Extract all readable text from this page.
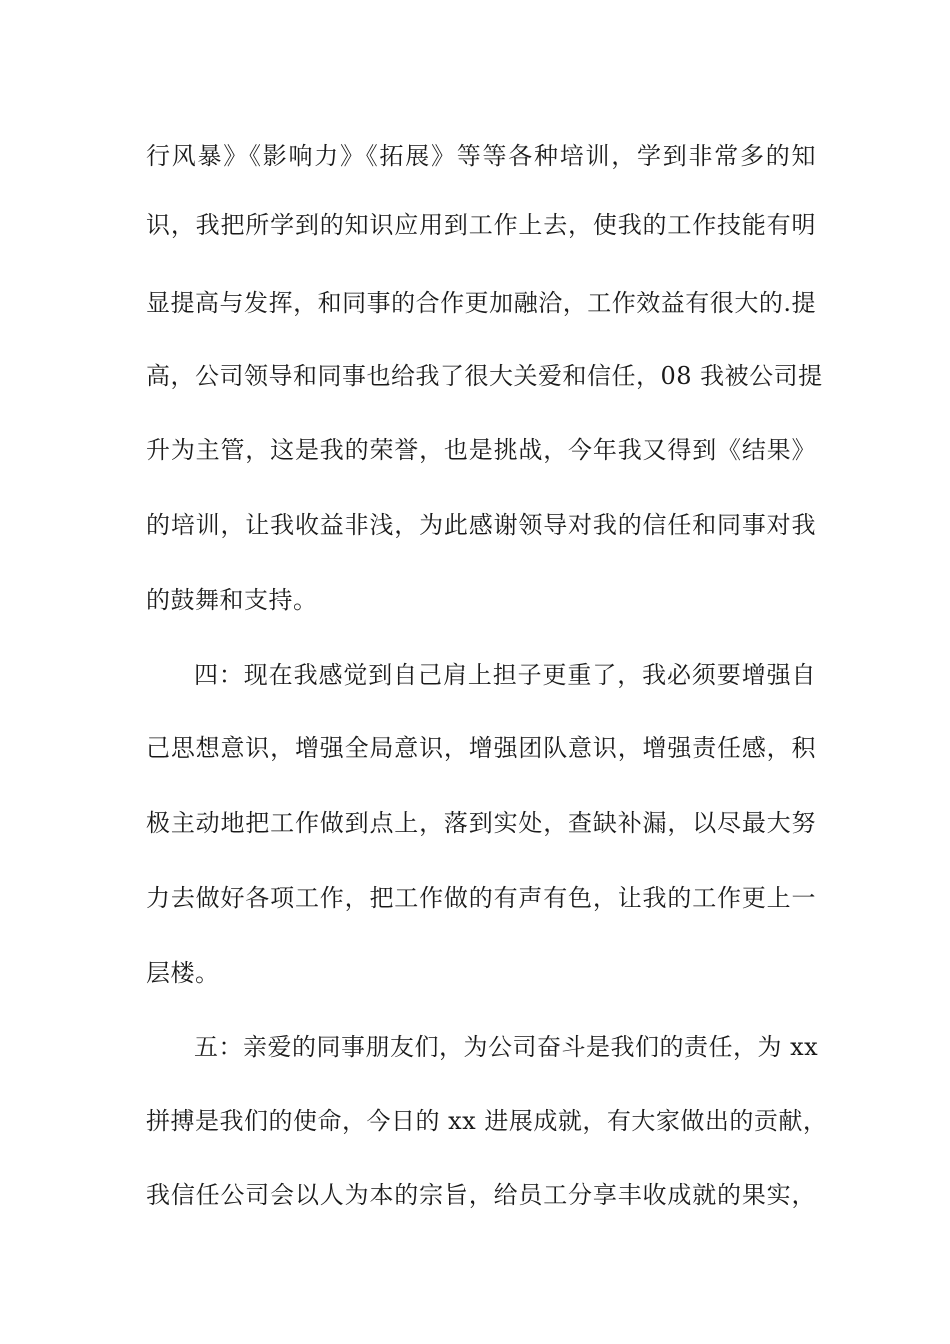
行风暴》《影响力》《拓展》等等各种培训，学到非常多的知
识，我把所学到的知识应用到工作上去，使我的工作技能有明
显提高与发挥，和同事的合作更加融洽，工作效益有很大的.提
高，公司领导和同事也给我了很大关爱和信任，08 我被公司提
升为主管，这是我的荣誉，也是挑战，今年我又得到《结果》
的培训，让我收益非浅，为此感谢领导对我的信任和同事对我
的鼓舞和支持。
四：现在我感觉到自己肩上担子更重了，我必须要增强自
己思想意识，增强全局意识，增强团队意识，增强责任感，积
极主动地把工作做到点上，落到实处，查缺补漏，以尽最大努
力去做好各项工作，把工作做的有声有色，让我的工作更上一
层楼。
五：亲爱的同事朋友们，为公司奋斗是我们的责任，为 xx
拼搏是我们的使命，今日的 xx 进展成就，有大家做出的贡献，
我信任公司会以人为本的宗旨，给员工分享丰收成就的果实，
